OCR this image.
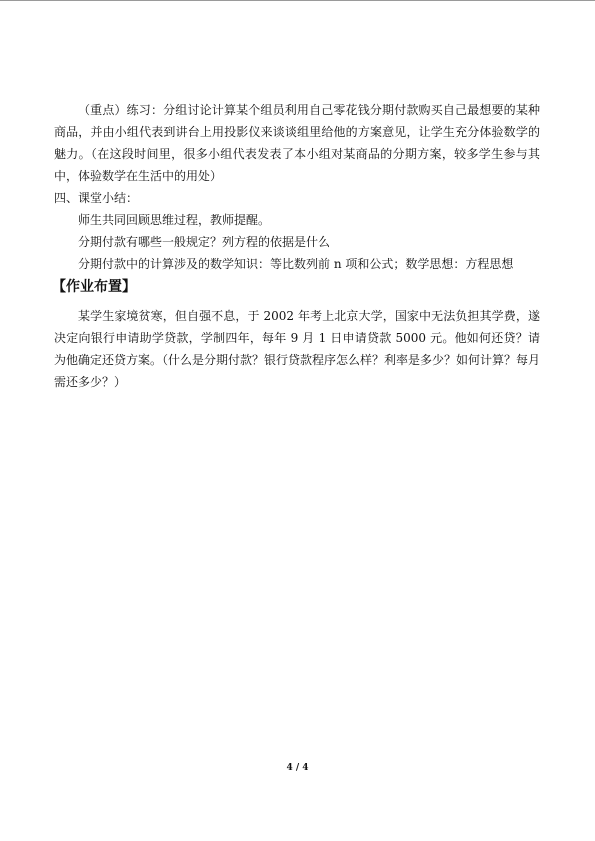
（重点）练习：分组讨论计算某个组员利用自己零花钱分期付款购买自己最想要的某种商品，并由小组代表到讲台上用投影仪来谈谈组里给他的方案意见，让学生充分体验数学的魅力。（在这段时间里，很多小组代表发表了本小组对某商品的分期方案，较多学生参与其中，体验数学在生活中的用处）

四、课堂小结：

师生共同回顾思维过程，教师提醒。

分期付款有哪些一般规定？列方程的依据是什么

分期付款中的计算涉及的数学知识：等比数列前 n 项和公式；数学思想：方程思想

【作业布置】

某学生家境贫寒，但自强不息，于 2002 年考上北京大学，国家中无法负担其学费，遂决定向银行申请助学贷款，学制四年，每年 9 月 1 日申请贷款 5000 元。他如何还贷？请为他确定还贷方案。（什么是分期付款？银行贷款程序怎么样？利率是多少？如何计算？每月需还多少？）

4 / 4
